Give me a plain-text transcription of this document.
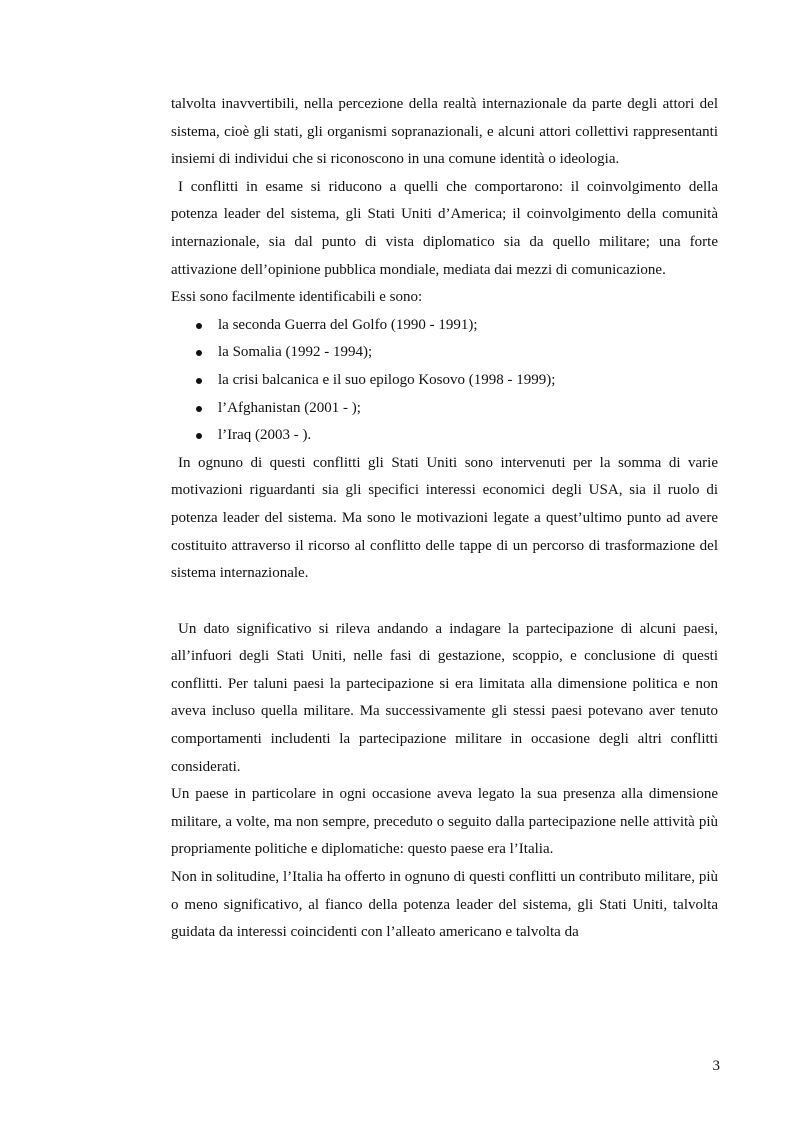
talvolta inavvertibili, nella percezione della realtà internazionale da parte degli attori del sistema, cioè gli stati, gli organismi sopranazionali, e alcuni attori collettivi rappresentanti insiemi di individui che si riconoscono in una comune identità o ideologia.

I conflitti in esame si riducono a quelli che comportarono: il coinvolgimento della potenza leader del sistema, gli Stati Uniti d’America; il coinvolgimento della comunità internazionale, sia dal punto di vista diplomatico sia da quello militare; una forte attivazione dell’opinione pubblica mondiale, mediata dai mezzi di comunicazione.

Essi sono facilmente identificabili e sono:

la seconda Guerra del Golfo (1990 - 1991);
la Somalia (1992 - 1994);
la crisi balcanica e il suo epilogo Kosovo (1998 - 1999);
l’Afghanistan (2001 - );
l’Iraq (2003 - ).

In ognuno di questi conflitti gli Stati Uniti sono intervenuti per la somma di varie motivazioni riguardanti sia gli specifici interessi economici degli USA, sia il ruolo di potenza leader del sistema. Ma sono le motivazioni legate a quest’ultimo punto ad avere costituito attraverso il ricorso al conflitto delle tappe di un percorso di trasformazione del sistema internazionale.

Un dato significativo si rileva andando a indagare la partecipazione di alcuni paesi, all’infuori degli Stati Uniti, nelle fasi di gestazione, scoppio, e conclusione di questi conflitti. Per taluni paesi la partecipazione si era limitata alla dimensione politica e non aveva incluso quella militare. Ma successivamente gli stessi paesi potevano aver tenuto comportamenti includenti la partecipazione militare in occasione degli altri conflitti considerati.

Un paese in particolare in ogni occasione aveva legato la sua presenza alla dimensione militare, a volte, ma non sempre, preceduto o seguito dalla partecipazione nelle attività più propriamente politiche e diplomatiche: questo paese era l’Italia.

Non in solitudine, l’Italia ha offerto in ognuno di questi conflitti un contributo militare, più o meno significativo, al fianco della potenza leader del sistema, gli Stati Uniti, talvolta guidata da interessi coincidenti con l’alleato americano e talvolta da

3
